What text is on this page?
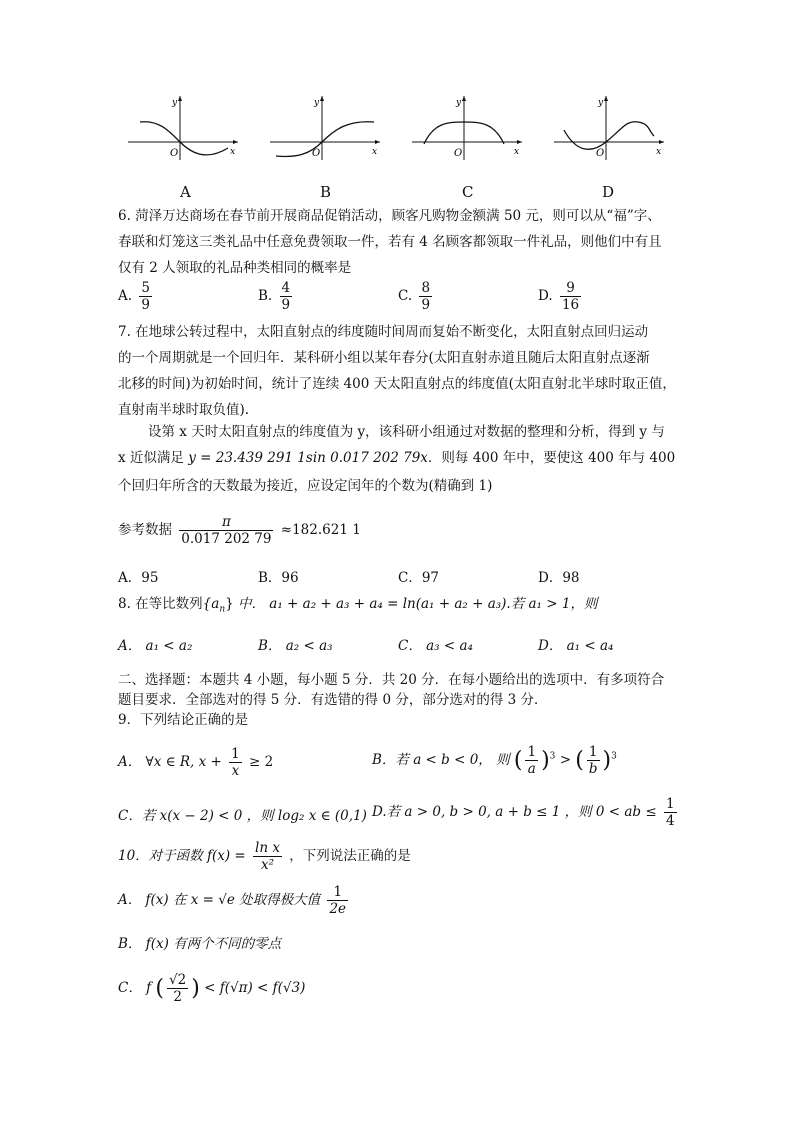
y
O	x
y
O	x
y
O	x
y
O	x
A	B	C	D
6. 菏泽万达商场在春节前开展商品促销活动，顾客凡购物金额满 50 元，则可以从“福”字、
春联和灯笼这三类礼品中任意免费领取一件，若有 4 名顾客都领取一件礼品，则他们中有且
仅有 2 人领取的礼品种类相同的概率是
A. $\frac{5}{9}$	B. $\frac{4}{9}$	C. $\frac{8}{9}$	D. $\frac{9}{16}$
7. 在地球公转过程中，太阳直射点的纬度随时间周而复始不断变化，太阳直射点回归运动
的一个周期就是一个回归年．某科研小组以某年春分(太阳直射赤道且随后太阳直射点逐渐
北移的时间)为初始时间，统计了连续 400 天太阳直射点的纬度值(太阳直射北半球时取正值，
直射南半球时取负值).
设第 x 天时太阳直射点的纬度值为 y，该科研小组通过对数据的整理和分析，得到 y 与
x 近似满足 y = 23.439 291 1sin 0.017 202 79x．则每 400 年中，要使这 400 年与 400
个回归年所含的天数最为接近，应设定闰年的个数为(精确到 1)
参考数据 $\frac{\pi}{0.017 202 79} \approx 182.621$ 1
A．95	B．96	C．97	D．98
8. 在等比数列$\{a_n\}$ 中． a₁ + a₂ + a₃ + a₄ = ln(a₁ + a₂ + a₃).若 a₁ > 1，则
A． a₁ < a₂	B． a₂ < a₃	C． a₃ < a₄	D． a₁ < a₄
二、选择题：本题共 4 小题，每小题 5 分．共 20 分．在每小题给出的选项中．有多项符合
题目要求．全部选对的得 5 分．有选错的得 0 分，部分选对的得 3 分．
9．下列结论正确的是
A． ∀x ∈ R, $x + \frac{1}{x} \ge 2$	B．若 a < b < 0， 则 ( $\frac{1}{a} )^3$ > ( $\frac{1}{b} )^3$
C．若 x(x − 2) < 0 ，则 log₂ x ∈ (0,1) D.若 a > 0, b > 0, a + b ≤ 1 ，则 0 < ab ≤ $\frac{1}{4}$
10．对于函数 $f(x) = \frac{\text{ln x}}{\text{x²}}$ ，下列说法正确的是
A． f(x) 在 x = √e 处取得极大值 $\frac{1}{2e}$
B． f(x) 有两个不同的零点
C． f ( $\frac{√2}{2}$ ) < f(√π) < f(√3)
